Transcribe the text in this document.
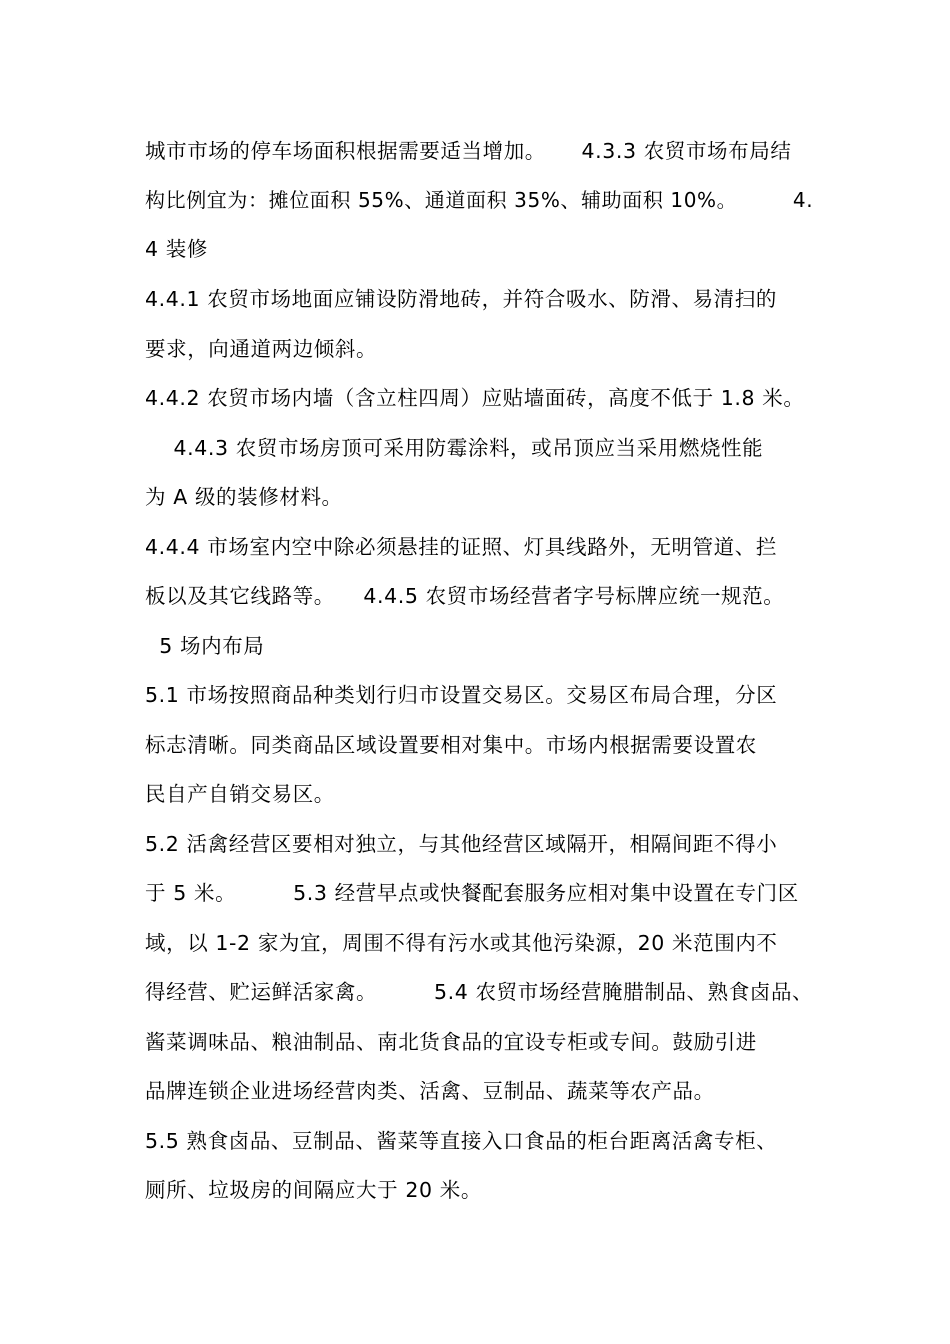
城市市场的停车场面积根据需要适当增加。     4.3.3 农贸市场布局结
构比例宜为：摊位面积 55%、通道面积 35%、辅助面积 10%。        4.
4 装修
4.4.1 农贸市场地面应铺设防滑地砖，并符合吸水、防滑、易清扫的
要求，向通道两边倾斜。
4.4.2 农贸市场内墙（含立柱四周）应贴墙面砖，高度不低于 1.8 米。
4.4.3 农贸市场房顶可采用防霉涂料，或吊顶应当采用燃烧性能
为 A 级的装修材料。
4.4.4 市场室内空中除必须悬挂的证照、灯具线路外，无明管道、拦
板以及其它线路等。    4.4.5 农贸市场经营者字号标牌应统一规范。
5 场内布局
5.1 市场按照商品种类划行归市设置交易区。交易区布局合理，分区
标志清晰。同类商品区域设置要相对集中。市场内根据需要设置农
民自产自销交易区。
5.2 活禽经营区要相对独立，与其他经营区域隔开，相隔间距不得小
于 5 米。        5.3 经营早点或快餐配套服务应相对集中设置在专门区
域，以 1-2 家为宜，周围不得有污水或其他污染源，20 米范围内不
得经营、贮运鲜活家禽。        5.4 农贸市场经营腌腊制品、熟食卤品、
酱菜调味品、粮油制品、南北货食品的宜设专柜或专间。鼓励引进
品牌连锁企业进场经营肉类、活禽、豆制品、蔬菜等农产品。
5.5 熟食卤品、豆制品、酱菜等直接入口食品的柜台距离活禽专柜、
厕所、垃圾房的间隔应大于 20 米。
